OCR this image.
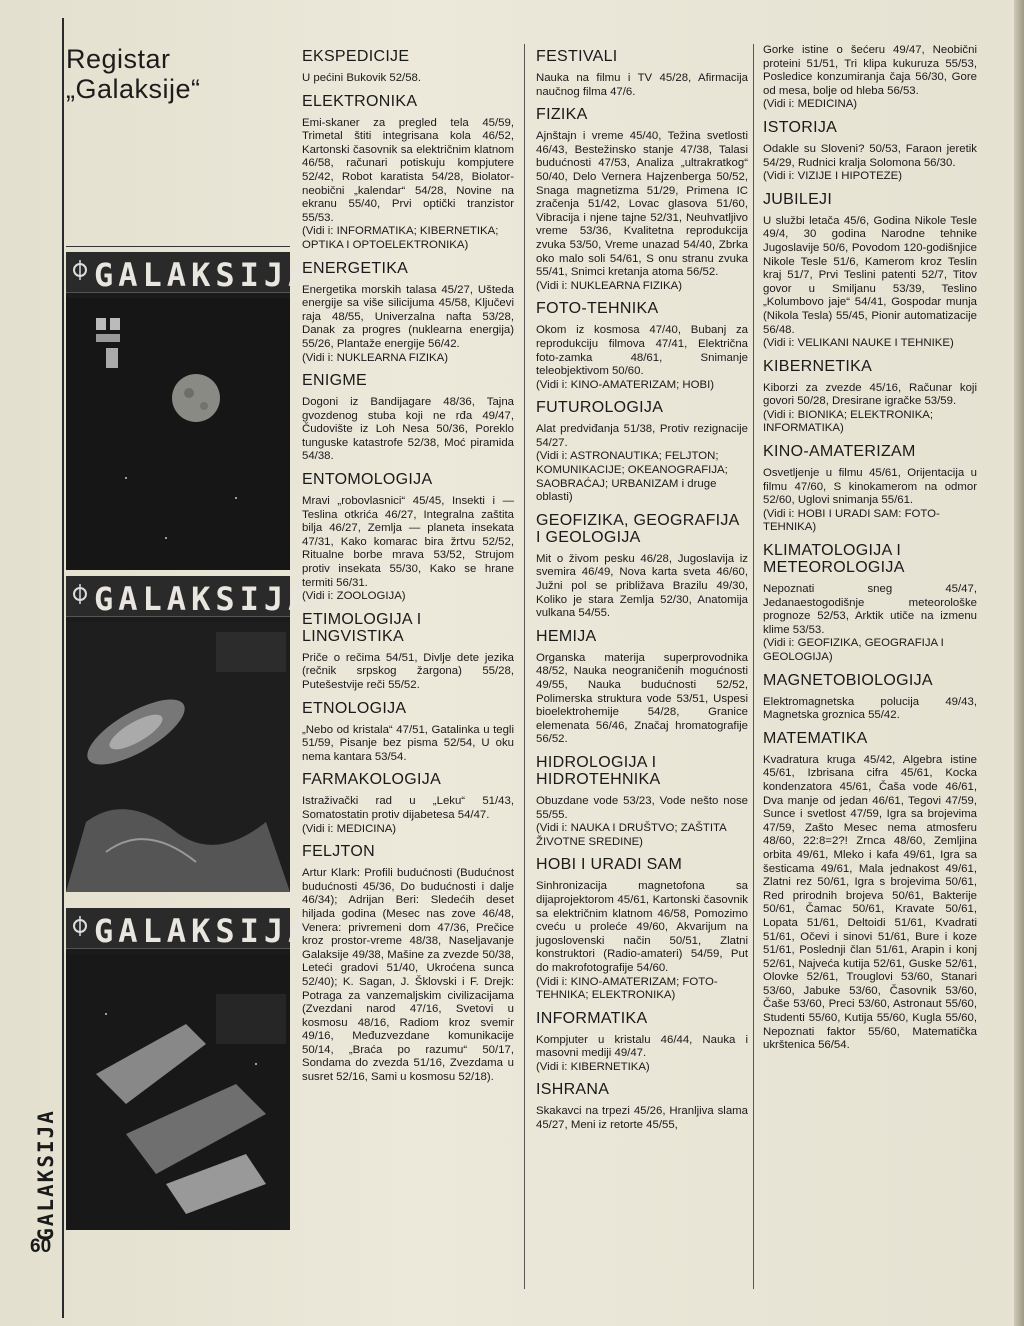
Registar
„Galaksije“
GALAKSIJA
GALAKSIJA
GALAKSIJA
GALAKSIJA
60
EKSPEDICIJE

U pećini Bukovik 52/58.

ELEKTRONIKA

Emi-skaner za pregled tela 45/59, Trimetal štiti integrisana kola 46/52, Kartonski časovnik sa električnim klatnom 46/58, računari potiskuju kompjutere 52/42, Robot karatista 54/28, Biolator-neobični „kalendar“ 54/28, Novine na ekranu 55/40, Prvi optički tranzistor 55/53.

(Vidi i: INFORMATIKA; KIBERNETIKA; OPTIKA I OPTOELEKTRONIKA)

ENERGETIKA

Energetika morskih talasa 45/27, Ušteda energije sa više silicijuma 45/58, Ključevi raja 48/55, Univerzalna nafta 53/28, Danak za progres (nuklearna energija) 55/26, Plantaže energije 56/42.

(Vidi i: NUKLEARNA FIZIKA)

ENIGME

Dogoni iz Bandijagare 48/36, Tajna gvozdenog stuba koji ne rđa 49/47, Čudovište iz Loh Nesa 50/36, Poreklo tunguske katastrofe 52/38, Moć piramida 54/38.

ENTOMOLOGIJA

Mravi „robovlasnici“ 45/45, Insekti i — Teslina otkrića 46/27, Integralna zaštita bilja 46/27, Zemlja — planeta insekata 47/31, Kako komarac bira žrtvu 52/52, Ritualne borbe mrava 53/52, Strujom protiv insekata 55/30, Kako se hrane termiti 56/31.

(Vidi i: ZOOLOGIJA)

ETIMOLOGIJA I LINGVISTIKA

Priče o rečima 54/51, Divlje dete jezika (rečnik srpskog žargona) 55/28, Putešestvije reči 55/52.

ETNOLOGIJA

„Nebo od kristala“ 47/51, Gatalinka u tegli 51/59, Pisanje bez pisma 52/54, U oku nema kantara 53/54.

FARMAKOLOGIJA

Istraživački rad u „Leku“ 51/43, Somatostatin protiv dijabetesa 54/47.

(Vidi i: MEDICINA)

FELJTON

Artur Klark: Profili budućnosti (Budućnost budućnosti 45/36, Do budućnosti i dalje 46/34); Adrijan Beri: Sledećih deset hiljada godina (Mesec nas zove 46/48, Venera: privremeni dom 47/36, Prečice kroz prostor-vreme 48/38, Naseljavanje Galaksije 49/38, Mašine za zvezde 50/38, Leteći gradovi 51/40, Ukroćena sunca 52/40); K. Sagan, J. Šklovski i F. Drejk: Potraga za vanzemaljskim civilizacijama (Zvezdani narod 47/16, Svetovi u kosmosu 48/16, Radiom kroz svemir 49/16, Međuzvezdane komunikacije 50/14, „Braća po razumu“ 50/17, Sondama do zvezda 51/16, Zvezdama u susret 52/16, Sami u kosmosu 52/18).

FESTIVALI

Nauka na filmu i TV 45/28, Afirmacija naučnog filma 47/6.

FIZIKA

Ajnštajn i vreme 45/40, Težina svetlosti 46/43, Bestežinsko stanje 47/38, Talasi budućnosti 47/53, Analiza „ultrakratkog“ 50/40, Delo Vernera Hajzenberga 50/52, Snaga magnetizma 51/29, Primena IC zračenja 51/42, Lovac glasova 51/60, Vibracija i njene tajne 52/31, Neuhvatljivo vreme 53/36, Kvalitetna reprodukcija zvuka 53/50, Vreme unazad 54/40, Zbrka oko malo soli 54/61, S onu stranu zvuka 55/41, Snimci kretanja atoma 56/52.

(Vidi i: NUKLEARNA FIZIKA)

FOTO-TEHNIKA

Okom iz kosmosa 47/40, Bubanj za reprodukciju filmova 47/41, Električna foto-zamka 48/61, Snimanje teleobjektivom 50/60.

(Vidi i: KINO-AMATERIZAM; HOBI)

FUTUROLOGIJA

Alat predviđanja 51/38, Protiv rezignacije 54/27.

(Vidi i: ASTRONAUTIKA; FELJTON; KOMUNIKACIJE; OKEANOGRAFIJA; SAOBRAĆAJ; URBANIZAM i druge oblasti)

GEOFIZIKA, GEOGRAFIJA I GEOLOGIJA

Mit o živom pesku 46/28, Jugoslavija iz svemira 46/49, Nova karta sveta 46/60, Južni pol se približava Brazilu 49/30, Koliko je stara Zemlja 52/30, Anatomija vulkana 54/55.

HEMIJA

Organska materija superprovodnika 48/52, Nauka neograničenih mogućnosti 49/55, Nauka budućnosti 52/52, Polimerska struktura vode 53/51, Uspesi bioelektrohemije 54/28, Granice elemenata 56/46, Značaj hromatografije 56/52.

HIDROLOGIJA I HIDROTEHNIKA

Obuzdane vode 53/23, Vode nešto nose 55/55.

(Vidi i: NAUKA I DRUŠTVO; ZAŠTITA ŽIVOTNE SREDINE)

HOBI I URADI SAM

Sinhronizacija magnetofona sa dijaprojektorom 45/61, Kartonski časovnik sa električnim klatnom 46/58, Pomozimo cveću u proleće 49/60, Akvarijum na jugoslovenski način 50/51, Zlatni konstruktori (Radio-amateri) 54/59, Put do makrofotografije 54/60.

(Vidi i: KINO-AMATERIZAM; FOTO-TEHNIKA; ELEKTRONIKA)

INFORMATIKA

Kompjuter u kristalu 46/44, Nauka i masovni mediji 49/47.

(Vidi i: KIBERNETIKA)

ISHRANA

Skakavci na trpezi 45/26, Hranljiva slama 45/27, Meni iz retorte 45/55,

Gorke istine o šećeru 49/47, Neobični proteini 51/51, Tri klipa kukuruza 55/53, Posledice konzumiranja čaja 56/30, Gore od mesa, bolje od hleba 56/53.

(Vidi i: MEDICINA)

ISTORIJA

Odakle su Sloveni? 50/53, Faraon jeretik 54/29, Rudnici kralja Solomona 56/30.

(Vidi i: VIZIJE I HIPOTEZE)

JUBILEJI

U službi letača 45/6, Godina Nikole Tesle 49/4, 30 godina Narodne tehnike Jugoslavije 50/6, Povodom 120-godišnjice Nikole Tesle 51/6, Kamerom kroz Teslin kraj 51/7, Prvi Teslini patenti 52/7, Titov govor u Smiljanu 53/39, Teslino „Kolumbovo jaje“ 54/41, Gospodar munja (Nikola Tesla) 55/45, Pionir automatizacije 56/48.

(Vidi i: VELIKANI NAUKE I TEHNIKE)

KIBERNETIKA

Kiborzi za zvezde 45/16, Računar koji govori 50/28, Dresirane igračke 53/59.

(Vidi i: BIONIKA; ELEKTRONIKA; INFORMATIKA)

KINO-AMATERIZAM

Osvetljenje u filmu 45/61, Orijentacija u filmu 47/60, S kinokamerom na odmor 52/60, Uglovi snimanja 55/61.

(Vidi i: HOBI I URADI SAM: FOTO-TEHNIKA)

KLIMATOLOGIJA I METEOROLOGIJA

Nepoznati sneg 45/47, Jedanaestogodišnje meteorološke prognoze 52/53, Arktik utiče na izmenu klime 53/53.

(Vidi i: GEOFIZIKA, GEOGRAFIJA I GEOLOGIJA)

MAGNETOBIOLOGIJA

Elektromagnetska polucija 49/43, Magnetska groznica 55/42.

MATEMATIKA

Kvadratura kruga 45/42, Algebra istine 45/61, Izbrisana cifra 45/61, Kocka kondenzatora 45/61, Čaša vode 46/61, Dva manje od jedan 46/61, Tegovi 47/59, Sunce i svetlost 47/59, Igra sa brojevima 47/59, Zašto Mesec nema atmosferu 48/60, 22:8=2?! Zrnca 48/60, Zemljina orbita 49/61, Mleko i kafa 49/61, Igra sa šesticama 49/61, Mala jednakost 49/61, Zlatni rez 50/61, Igra s brojevima 50/61, Red prirodnih brojeva 50/61, Bakterije 50/61, Čamac 50/61, Kravate 50/61, Lopata 51/61, Deltoidi 51/61, Kvadrati 51/61, Očevi i sinovi 51/61, Bure i koze 51/61, Poslednji član 51/61, Arapin i konj 52/61, Najveća kutija 52/61, Guske 52/61, Olovke 52/61, Trouglovi 53/60, Stanari 53/60, Jabuke 53/60, Časovnik 53/60, Čaše 53/60, Preci 53/60, Astronaut 55/60, Studenti 55/60, Kutija 55/60, Kugla 55/60, Nepoznati faktor 55/60, Matematička ukrštenica 56/54.
